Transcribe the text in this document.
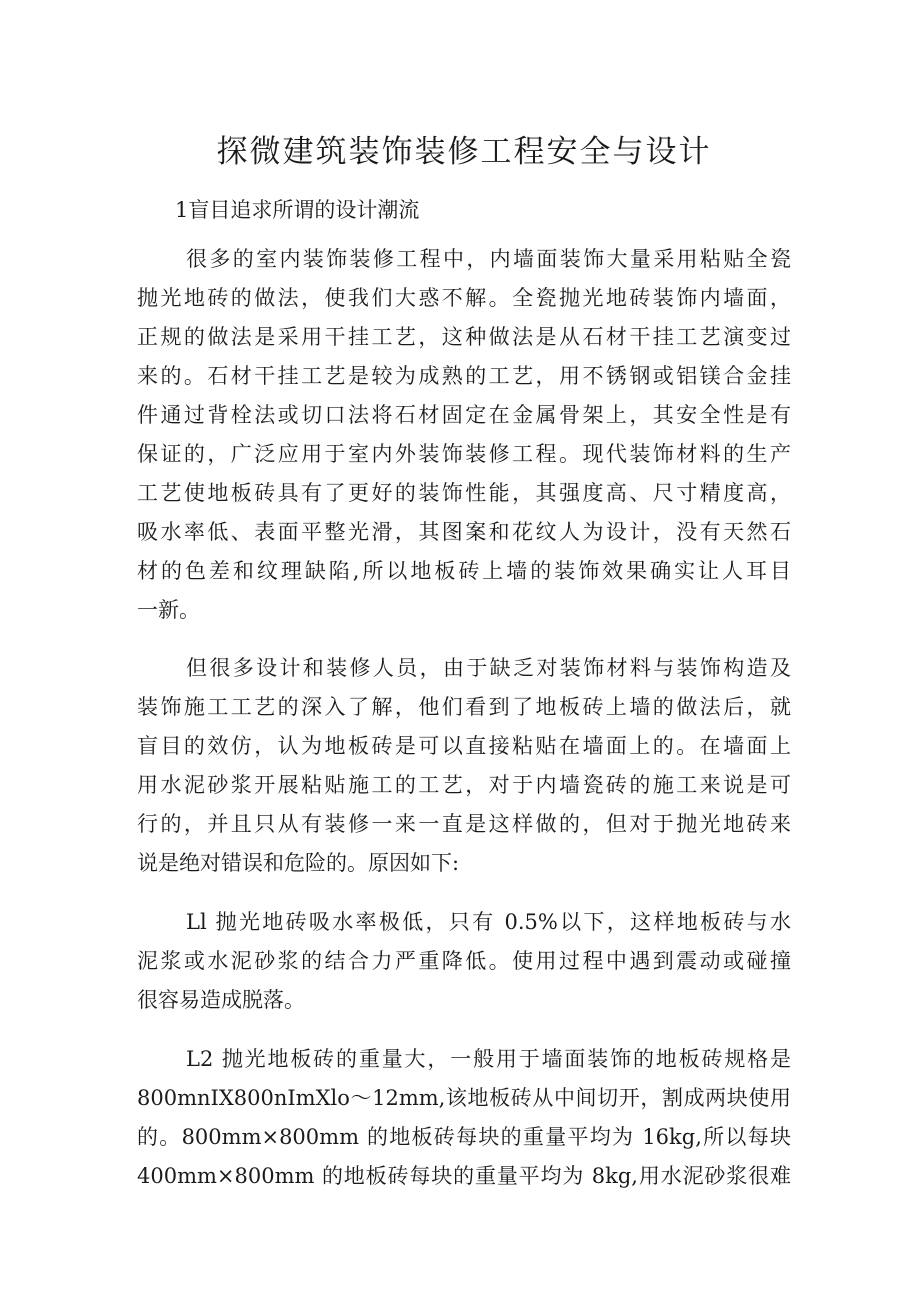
探微建筑装饰装修工程安全与设计
1盲目追求所谓的设计潮流
很多的室内装饰装修工程中，内墙面装饰大量采用粘贴全瓷
抛光地砖的做法，使我们大惑不解。全瓷抛光地砖装饰内墙面，
正规的做法是采用干挂工艺，这种做法是从石材干挂工艺演变过
来的。石材干挂工艺是较为成熟的工艺，用不锈钢或铝镁合金挂
件通过背栓法或切口法将石材固定在金属骨架上，其安全性是有
保证的，广泛应用于室内外装饰装修工程。现代装饰材料的生产
工艺使地板砖具有了更好的装饰性能，其强度高、尺寸精度高，
吸水率低、表面平整光滑，其图案和花纹人为设计，没有天然石
材的色差和纹理缺陷,所以地板砖上墙的装饰效果确实让人耳目
一新。
但很多设计和装修人员，由于缺乏对装饰材料与装饰构造及
装饰施工工艺的深入了解，他们看到了地板砖上墙的做法后，就
盲目的效仿，认为地板砖是可以直接粘贴在墙面上的。在墙面上
用水泥砂浆开展粘贴施工的工艺，对于内墙瓷砖的施工来说是可
行的，并且只从有装修一来一直是这样做的，但对于抛光地砖来
说是绝对错误和危险的。原因如下:
Ll 抛光地砖吸水率极低，只有 0.5%以下，这样地板砖与水
泥浆或水泥砂浆的结合力严重降低。使用过程中遇到震动或碰撞
很容易造成脱落。
L2 抛光地板砖的重量大，一般用于墙面装饰的地板砖规格是
800mnIX800nImXlo～12mm,该地板砖从中间切开，割成两块使用
的。800mm×800mm 的地板砖每块的重量平均为 16kg,所以每块
400mm×800mm 的地板砖每块的重量平均为 8kg,用水泥砂浆很难
